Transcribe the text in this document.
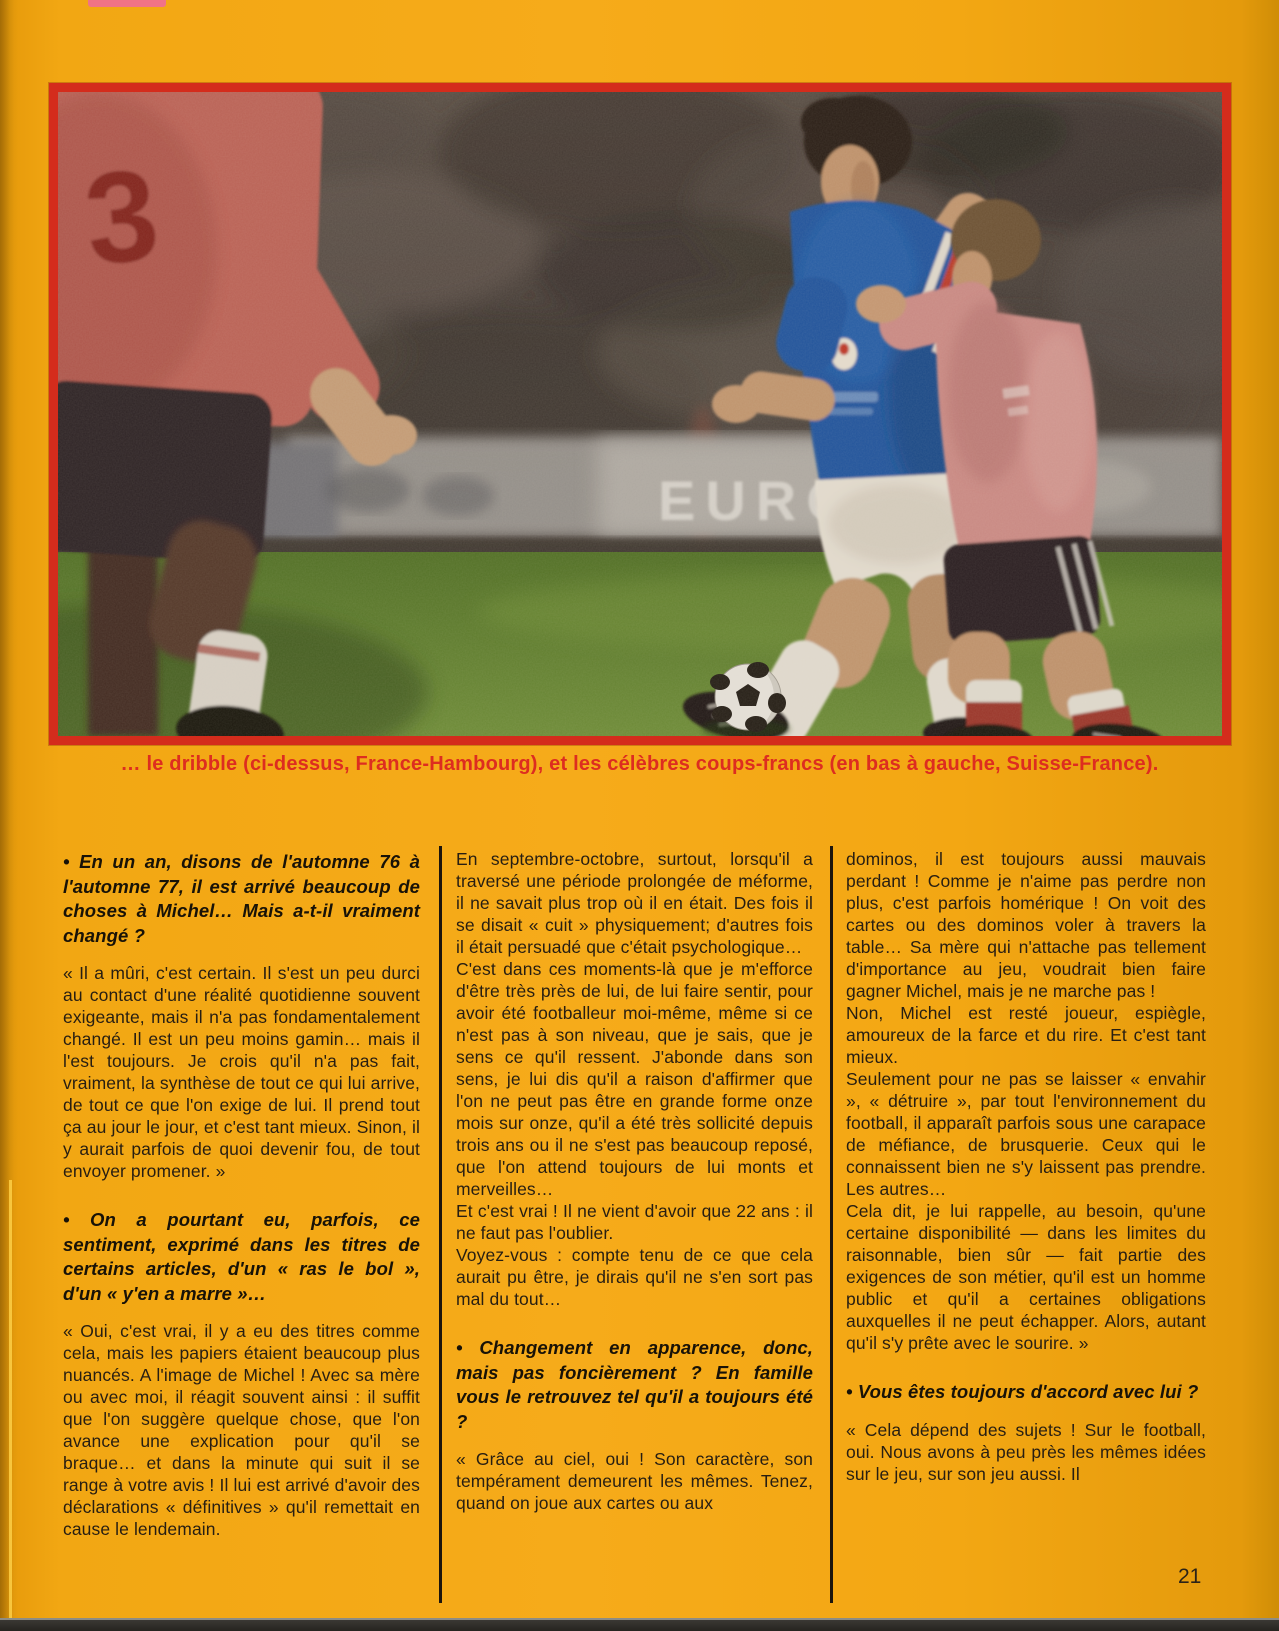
… le dribble (ci-dessus, France-Hambourg), et les célèbres coups-francs (en bas à gauche, Suisse-France).

• En un an, disons de l'automne 76 à l'automne 77, il est arrivé beaucoup de choses à Michel… Mais a-t-il vraiment changé ?

« Il a mûri, c'est certain. Il s'est un peu durci au contact d'une réalité quotidienne souvent exigeante, mais il n'a pas fondamentalement changé. Il est un peu moins gamin… mais il l'est toujours. Je crois qu'il n'a pas fait, vraiment, la synthèse de tout ce qui lui arrive, de tout ce que l'on exige de lui. Il prend tout ça au jour le jour, et c'est tant mieux. Sinon, il y aurait parfois de quoi devenir fou, de tout envoyer promener. »

• On a pourtant eu, parfois, ce sentiment, exprimé dans les titres de certains articles, d'un « ras le bol », d'un « y'en a marre »…

« Oui, c'est vrai, il y a eu des titres comme cela, mais les papiers étaient beaucoup plus nuancés. A l'image de Michel ! Avec sa mère ou avec moi, il réagit souvent ainsi : il suffit que l'on suggère quelque chose, que l'on avance une explication pour qu'il se braque… et dans la minute qui suit il se range à votre avis ! Il lui est arrivé d'avoir des déclarations « définitives » qu'il remettait en cause le lendemain.

En septembre-octobre, surtout, lorsqu'il a traversé une période prolongée de méforme, il ne savait plus trop où il en était. Des fois il se disait « cuit » physiquement; d'autres fois il était persuadé que c'était psychologique…

C'est dans ces moments-là que je m'efforce d'être très près de lui, de lui faire sentir, pour avoir été footballeur moi-même, même si ce n'est pas à son niveau, que je sais, que je sens ce qu'il ressent. J'abonde dans son sens, je lui dis qu'il a raison d'affirmer que l'on ne peut pas être en grande forme onze mois sur onze, qu'il a été très sollicité depuis trois ans ou il ne s'est pas beaucoup reposé, que l'on attend toujours de lui monts et merveilles…

Et c'est vrai ! Il ne vient d'avoir que 22 ans : il ne faut pas l'oublier.

Voyez-vous : compte tenu de ce que cela aurait pu être, je dirais qu'il ne s'en sort pas mal du tout…

• Changement en apparence, donc, mais pas foncièrement ? En famille vous le retrouvez tel qu'il a toujours été ?

« Grâce au ciel, oui ! Son caractère, son tempérament demeurent les mêmes. Tenez, quand on joue aux cartes ou aux

dominos, il est toujours aussi mauvais perdant ! Comme je n'aime pas perdre non plus, c'est parfois homérique ! On voit des cartes ou des dominos voler à travers la table… Sa mère qui n'attache pas tellement d'importance au jeu, voudrait bien faire gagner Michel, mais je ne marche pas !

Non, Michel est resté joueur, espiègle, amoureux de la farce et du rire. Et c'est tant mieux.

Seulement pour ne pas se laisser « envahir », « détruire », par tout l'environnement du football, il apparaît parfois sous une carapace de méfiance, de brusquerie. Ceux qui le connaissent bien ne s'y laissent pas prendre. Les autres…

Cela dit, je lui rappelle, au besoin, qu'une certaine disponibilité — dans les limites du raisonnable, bien sûr — fait partie des exigences de son métier, qu'il est un homme public et qu'il a certaines obligations auxquelles il ne peut échapper. Alors, autant qu'il s'y prête avec le sourire. »

• Vous êtes toujours d'accord avec lui ?

« Cela dépend des sujets ! Sur le football, oui. Nous avons à peu près les mêmes idées sur le jeu, sur son jeu aussi. Il

21
